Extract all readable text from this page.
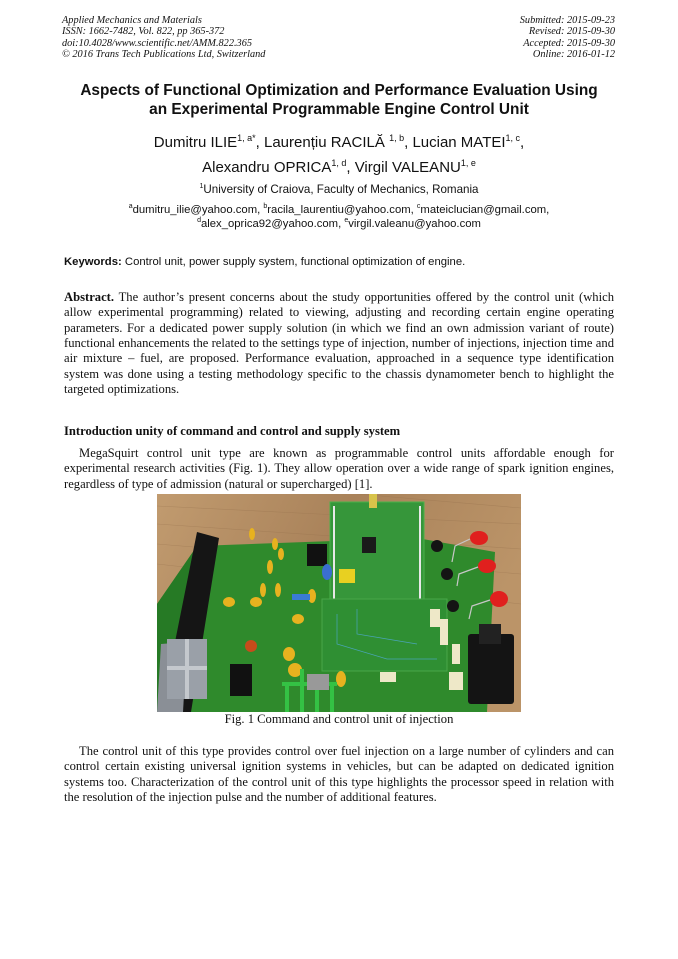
Applied Mechanics and Materials
ISSN: 1662-7482, Vol. 822, pp 365-372
doi:10.4028/www.scientific.net/AMM.822.365
© 2016 Trans Tech Publications Ltd, Switzerland
Submitted: 2015-09-23
Revised: 2015-09-30
Accepted: 2015-09-30
Online: 2016-01-12
Aspects of Functional Optimization and Performance Evaluation Using
an Experimental Programmable Engine Control Unit
Dumitru $ILIE^{1, a*}$, Laurențiu RACILĂ $^{1, b}$, Lucian MATEI$^{1, c}$,
Alexandru OPRICA$^{1, d}$, Virgil VALEANU$^{1, e}$
$^1$University of Craiova, Faculty of Mechanics, Romania
$^a$dumitru_ilie@yahoo.com, $^b$racila_laurentiu@yahoo.com, $^c$mateiclucian@gmail.com,
$^d$alex_oprica92@yahoo.com, $^e$virgil.valeanu@yahoo.com
Keywords: Control unit, power supply system, functional optimization of engine.
Abstract. The author’s present concerns about the study opportunities offered by the control unit (which allow experimental programming) related to viewing, adjusting and recording certain engine operating parameters. For a dedicated power supply solution (in which we find an own admission variant of route) functional enhancements the related to the settings type of injection, number of injections, injection time and air mixture – fuel, are proposed. Performance evaluation, approached in a sequence type identification system was done using a testing methodology specific to the chassis dynamometer bench to highlight the targeted optimizations.
Introduction unity of command and control and supply system
MegaSquirt control unit type are known as programmable control units affordable enough for experimental research activities (Fig. 1). They allow operation over a wide range of spark ignition engines, regardless of type of admission (natural or supercharged) [1].
Fig. 1 Command and control unit of injection
The control unit of this type provides control over fuel injection on a large number of cylinders and can control certain existing universal ignition systems in vehicles, but can be adapted on dedicated ignition systems too. Characterization of the control unit of this type highlights the processor speed in relation with the resolution of the injection pulse and the number of additional features.
